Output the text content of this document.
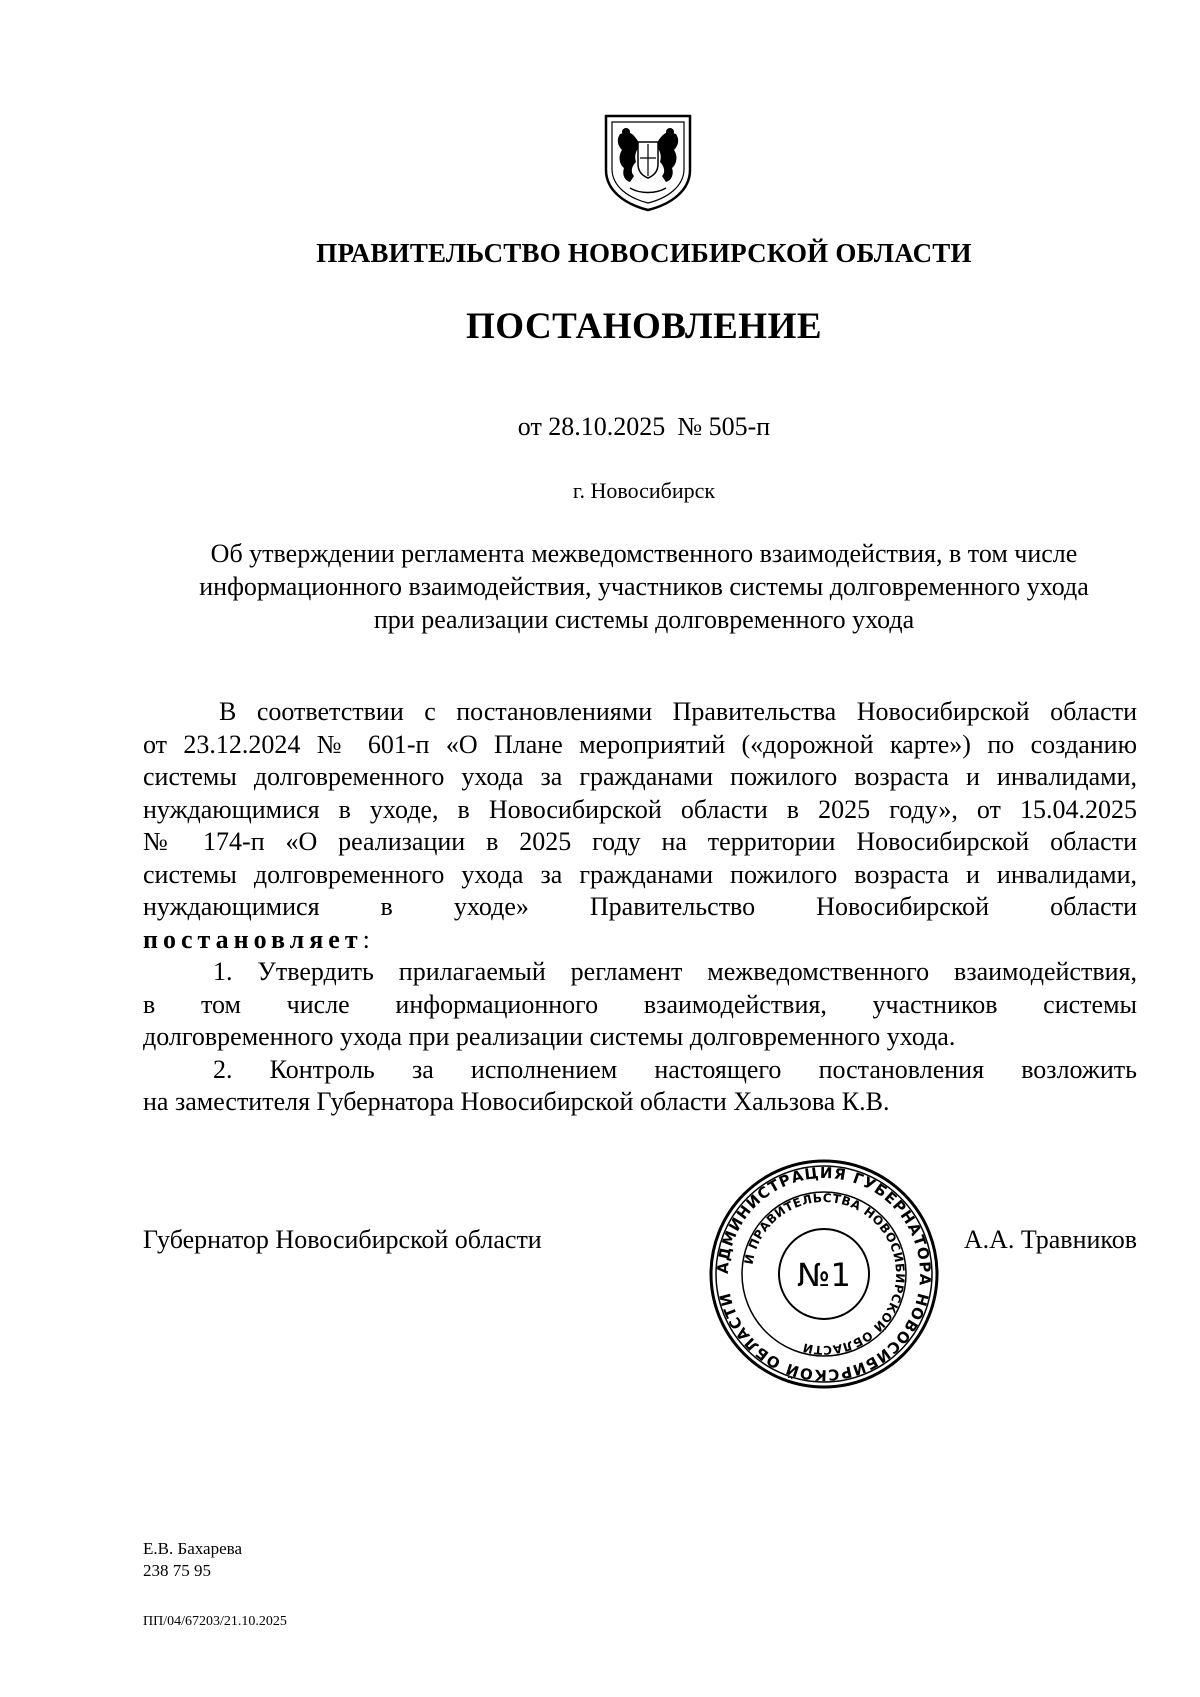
ПРАВИТЕЛЬСТВО НОВОСИБИРСКОЙ ОБЛАСТИ
ПОСТАНОВЛЕНИЕ
от 28.10.2025 № 505-п
г. Новосибирск
Об утверждении регламента межведомственного взаимодействия, в том числе
информационного взаимодействия, участников системы долговременного ухода
при реализации системы долговременного ухода
В соответствии с постановлениями Правительства Новосибирской области
от 23.12.2024 № 601-п «О Плане мероприятий («дорожной карте») по созданию
системы долговременного ухода за гражданами пожилого возраста и инвалидами,
нуждающимися в уходе, в Новосибирской области в 2025 году», от 15.04.2025
№ 174-п «О реализации в 2025 году на территории Новосибирской области
системы долговременного ухода за гражданами пожилого возраста и инвалидами,
нуждающимися в уходе» Правительство Новосибирской области
постановляет:
1. Утвердить прилагаемый регламент межведомственного взаимодействия,
в том числе информационного взаимодействия, участников системы
долговременного ухода при реализации системы долговременного ухода.
2. Контроль за исполнением настоящего постановления возложить
на заместителя Губернатора Новосибирской области Хальзова К.В.
Губернатор Новосибирской области	А.А. Травников
АДМИНИСТРАЦИЯ ГУБЕРНАТОРА НОВОСИБИРСКОЙ ОБЛАСТИ
И ПРАВИТЕЛЬСТВА НОВОСИБИРСКОЙ ОБЛАСТИ
№1
Е.В. Бахарева
238 75 95
ПП/04/67203/21.10.2025
